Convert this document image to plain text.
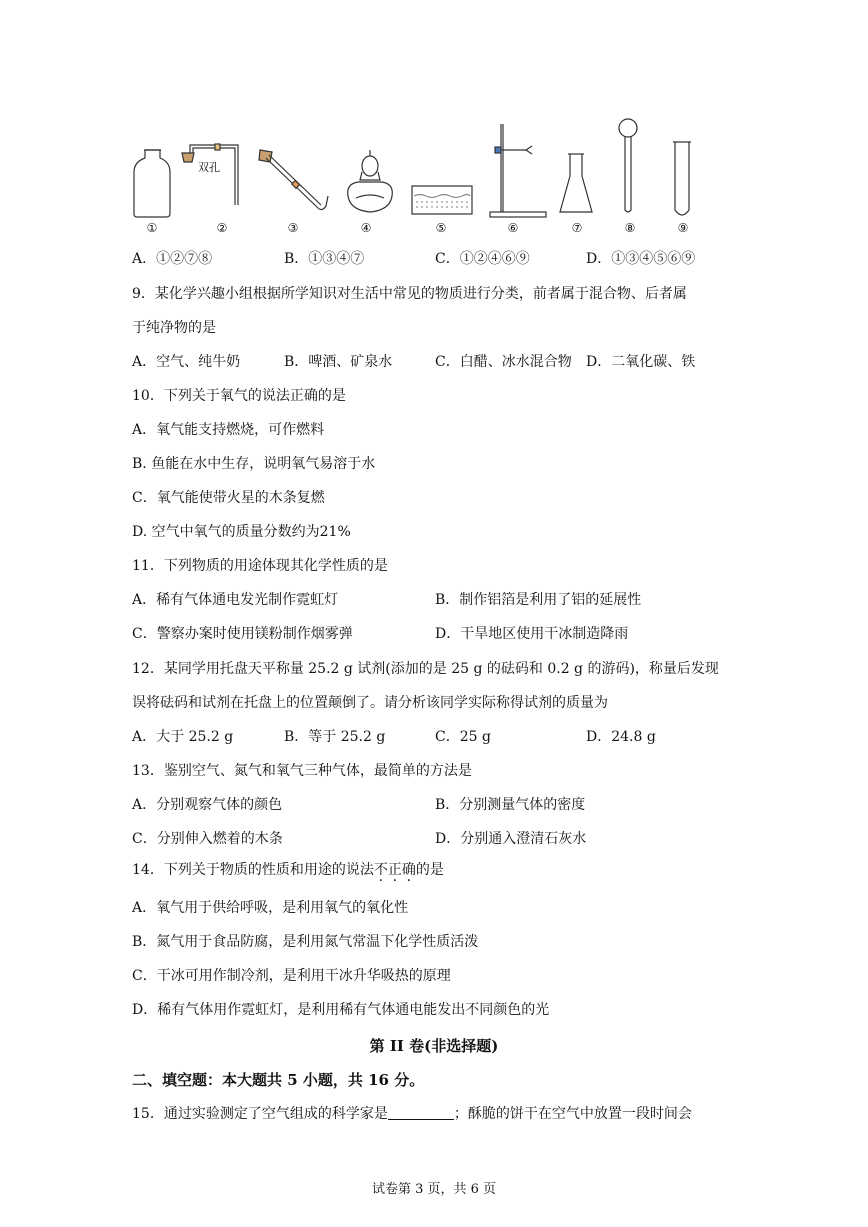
双孔
①	②	③	④	⑤	⑥	⑦	⑧	⑨
A．①②⑦⑧	B．①③④⑦	C．①②④⑥⑨	D．①③④⑤⑥⑨
9．某化学兴趣小组根据所学知识对生活中常见的物质进行分类，前者属于混合物、后者属
于纯净物的是
A．空气、纯牛奶	B．啤酒、矿泉水	C．白醋、冰水混合物 D．二氧化碳、铁
10．下列关于氧气的说法正确的是
A．氧气能支持燃烧，可作燃料
B. 鱼能在水中生存，说明氧气易溶于水
C．氧气能使带火星的木条复燃
D. 空气中氧气的质量分数约为21%
11．下列物质的用途体现其化学性质的是
A．稀有气体通电发光制作霓虹灯	B．制作铝箔是利用了铝的延展性
C．警察办案时使用镁粉制作烟雾弹	D．干旱地区使用干冰制造降雨
12．某同学用托盘天平称量 25.2 g 试剂(添加的是 25 g 的砝码和 0.2 g 的游码)，称量后发现
误将砝码和试剂在托盘上的位置颠倒了。请分析该同学实际称得试剂的质量为
A．大于 25.2 g	B．等于 25.2 g	C．25 g	D．24.8 g
13．鉴别空气、氮气和氧气三种气体，最简单的方法是
A．分别观察气体的颜色	B．分别测量气体的密度
C．分别伸入燃着的木条	D．分别通入澄清石灰水
14．下列关于物质的性质和用途的说法不正确的是
A．氧气用于供给呼吸，是利用氧气的氧化性
B．氮气用于食品防腐，是利用氮气常温下化学性质活泼
C．干冰可用作制冷剂，是利用干冰升华吸热的原理
D．稀有气体用作霓虹灯，是利用稀有气体通电能发出不同颜色的光
第 II 卷(非选择题)
二、填空题：本大题共 5 小题，共 16 分。
15．通过实验测定了空气组成的科学家是	；酥脆的饼干在空气中放置一段时间会
试卷第 3 页，共 6 页
